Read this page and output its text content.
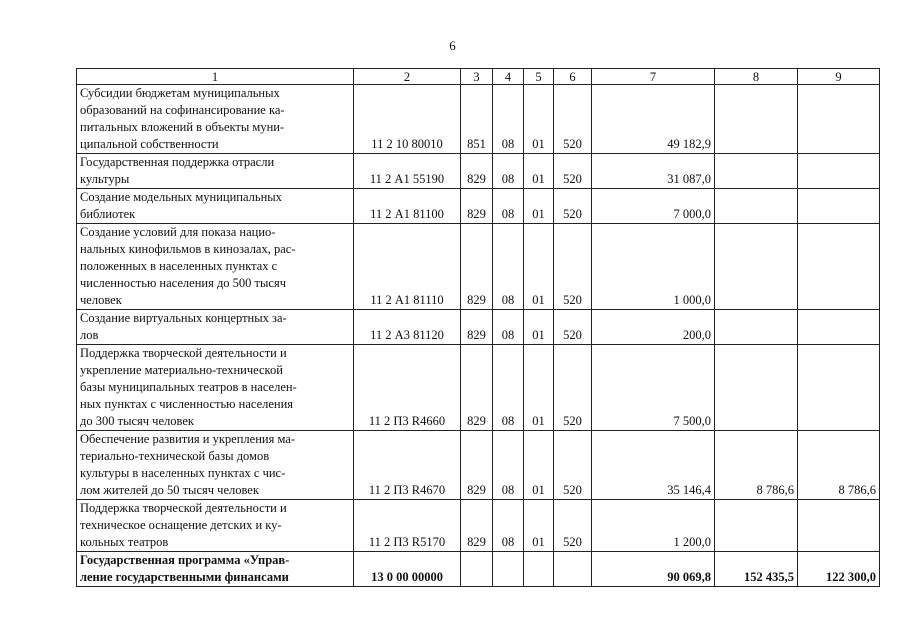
6
1	2	3	4	5	6	7	8	9

Субсидии бюджетам муниципальных
образований на софинансирование ка-
питальных вложений в объекты муни-
ципальной собственности	11 2 10 80010	851	08	01	520	49 182,9		

Государственная поддержка отрасли
культуры	11 2 А1 55190	829	08	01	520	31 087,0		

Создание модельных муниципальных
библиотек	11 2 А1 81100	829	08	01	520	7 000,0		

Создание условий для показа нацио-
нальных кинофильмов в кинозалах, рас-
положенных в населенных пунктах с
численностью населения до 500 тысяч
человек	11 2 А1 81110	829	08	01	520	1 000,0		

Создание виртуальных концертных за-
лов	11 2 А3 81120	829	08	01	520	200,0		

Поддержка творческой деятельности и
укрепление материально-технической
базы муниципальных театров в населен-
ных пунктах с численностью населения
до 300 тысяч человек	11 2 П3 R4660	829	08	01	520	7 500,0		

Обеспечение развития и укрепления ма-
териально-технической базы домов
культуры в населенных пунктах с чис-
лом жителей до 50 тысяч человек	11 2 П3 R4670	829	08	01	520	35 146,4	8 786,6	8 786,6

Поддержка творческой деятельности и
техническое оснащение детских и ку-
кольных театров	11 2 П3 R5170	829	08	01	520	1 200,0		

Государственная программа «Управ-
ление государственными финансами	13 0 00 00000					90 069,8	152 435,5	122 300,0
